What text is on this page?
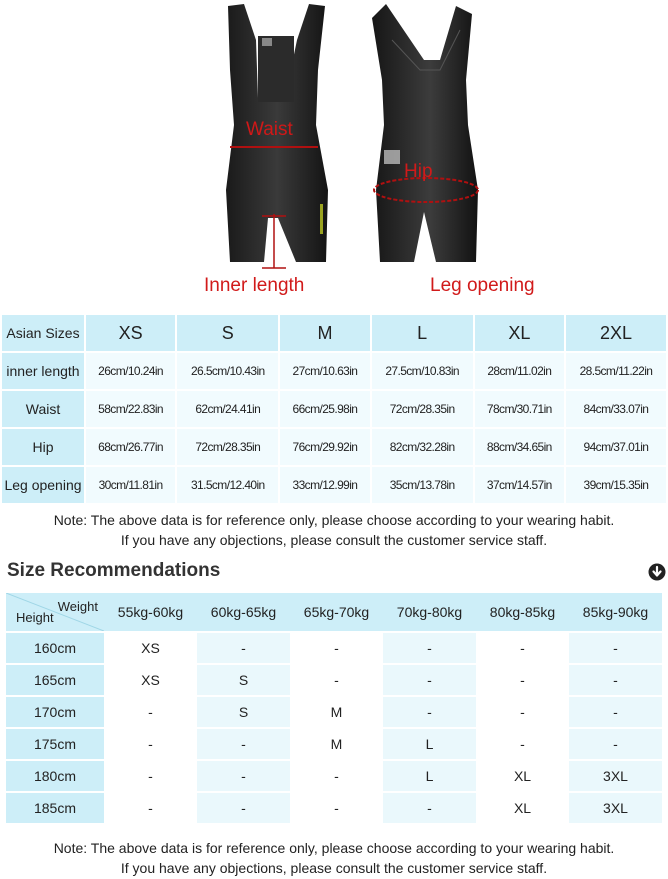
Waist
Hip
Inner length	Leg opening
Asian Sizes	XS	S	M	L	XL	2XL
inner length	26cm/10.24in	26.5cm/10.43in	27cm/10.63in	27.5cm/10.83in	28cm/11.02in	28.5cm/11.22in
Waist	58cm/22.83in	62cm/24.41in	66cm/25.98in	72cm/28.35in	78cm/30.71in	84cm/33.07in
Hip	68cm/26.77in	72cm/28.35in	76cm/29.92in	82cm/32.28in	88cm/34.65in	94cm/37.01in
Leg opening	30cm/11.81in	31.5cm/12.40in	33cm/12.99in	35cm/13.78in	37cm/14.57in	39cm/15.35in
Note: The above data is for reference only, please choose according to your wearing habit.
If you have any objections, please consult the customer service staff.
Size Recommendations
Weight
Height	55kg-60kg	60kg-65kg	65kg-70kg	70kg-80kg	80kg-85kg	85kg-90kg
160cm	XS	-	-	-	-	-
165cm	XS	S	-	-	-	-
170cm	-	S	M	-	-	-
175cm	-	-	M	L	-	-
180cm	-	-	-	L	XL	3XL
185cm	-	-	-	-	XL	3XL
Note: The above data is for reference only, please choose according to your wearing habit.
If you have any objections, please consult the customer service staff.
